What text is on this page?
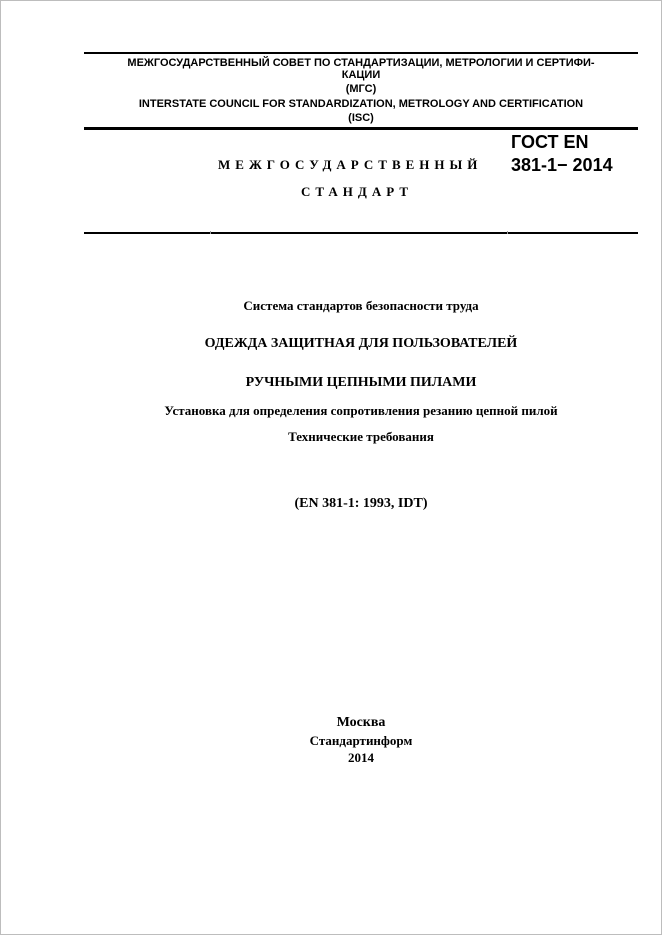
МЕЖГОСУДАРСТВЕННЫЙ СОВЕТ ПО СТАНДАРТИЗАЦИИ, МЕТРОЛОГИИ И СЕРТИФИ-
КАЦИИ
(МГС)
INTERSTATE COUNCIL FOR STANDARDIZATION, METROLOGY AND CERTIFICATION
(ISC)
ГОСТ EN
381-1− 2014
МЕЖГОСУДАРСТВЕННЫЙ
СТАНДАРТ
Система стандартов безопасности труда
ОДЕЖДА ЗАЩИТНАЯ ДЛЯ ПОЛЬЗОВАТЕЛЕЙ
РУЧНЫМИ ЦЕПНЫМИ ПИЛАМИ
Установка для определения сопротивления резанию цепной пилой
Технические требования
(EN 381-1: 1993, IDT)
Москва
Стандартинформ
2014
